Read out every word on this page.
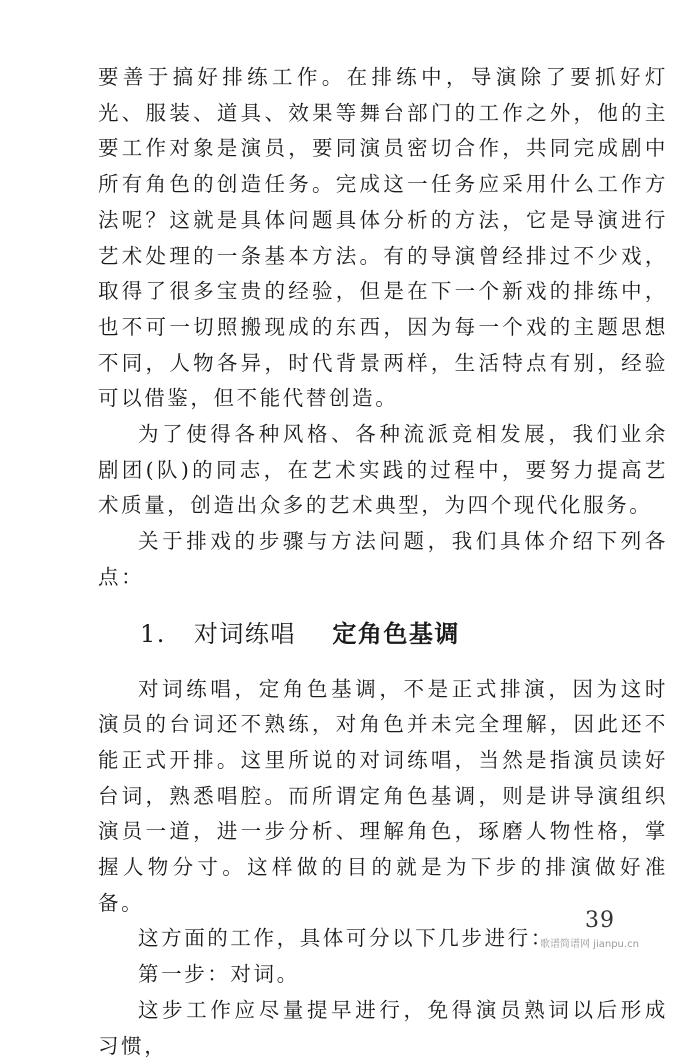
要善于搞好排练工作。在排练中，导演除了要抓好灯光、服装、道具、效果等舞台部门的工作之外，他的主要工作对象是演员，要同演员密切合作，共同完成剧中所有角色的创造任务。完成这一任务应采用什么工作方法呢？这就是具体问题具体分析的方法，它是导演进行艺术处理的一条基本方法。有的导演曾经排过不少戏，取得了很多宝贵的经验，但是在下一个新戏的排练中，也不可一切照搬现成的东西，因为每一个戏的主题思想不同，人物各异，时代背景两样，生活特点有别，经验可以借鉴，但不能代替创造。

为了使得各种风格、各种流派竞相发展，我们业余剧团(队)的同志，在艺术实践的过程中，要努力提高艺术质量，创造出众多的艺术典型，为四个现代化服务。

关于排戏的步骤与方法问题，我们具体介绍下列各点：

1. 对词练唱 定角色基调

对词练唱，定角色基调，不是正式排演，因为这时演员的台词还不熟练，对角色并未完全理解，因此还不能正式开排。这里所说的对词练唱，当然是指演员读好台词，熟悉唱腔。而所谓定角色基调，则是讲导演组织演员一道，进一步分析、理解角色，琢磨人物性格，掌握人物分寸。这样做的目的就是为下步的排演做好准备。

这方面的工作，具体可分以下几步进行：

第一步：对词。

这步工作应尽量提早进行，免得演员熟词以后形成习惯，

39
歌谱简谱网 jianpu.cn
